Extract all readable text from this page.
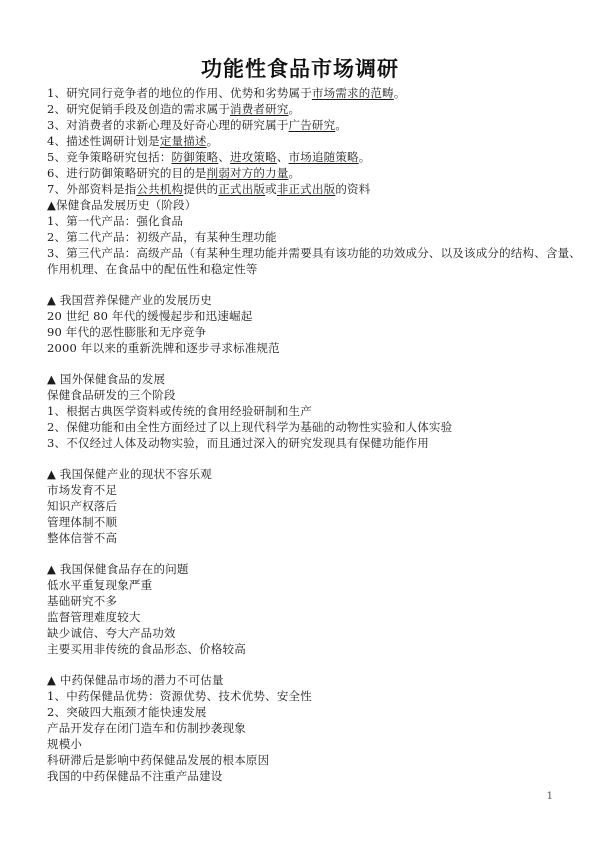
功能性食品市场调研
1、研究同行竞争者的地位的作用、优势和劣势属于市场需求的范畴。
2、研究促销手段及创造的需求属于消费者研究。
3、对消费者的求新心理及好奇心理的研究属于广告研究。
4、描述性调研计划是定量描述。
5、竞争策略研究包括：防御策略、进攻策略、市场追随策略。
6、进行防御策略研究的目的是削弱对方的力量。
7、外部资料是指公共机构提供的正式出版或非正式出版的资料
▲保健食品发展历史（阶段）
1、第一代产品：强化食品
2、第二代产品：初级产品，有某种生理功能
3、第三代产品：高级产品（有某种生理功能并需要具有该功能的功效成分、以及该成分的结构、含量、
作用机理、在食品中的配伍性和稳定性等
▲ 我国营养保健产业的发展历史
20 世纪 80 年代的缓慢起步和迅速崛起
90 年代的恶性膨胀和无序竞争
2000 年以来的重新洗牌和逐步寻求标准规范
▲ 国外保健食品的发展
保健食品研发的三个阶段
1、根据古典医学资料或传统的食用经验研制和生产
2、保健功能和由全性方面经过了以上现代科学为基础的动物性实验和人体实验
3、不仅经过人体及动物实验，而且通过深入的研究发现具有保健功能作用
▲ 我国保健产业的现状不容乐观
市场发育不足
知识产权落后
管理体制不顺
整体信誉不高
▲ 我国保健食品存在的问题
低水平重复现象严重
基础研究不多
监督管理难度较大
缺少诚信、夸大产品功效
主要买用非传统的食品形态、价格较高
▲ 中药保健品市场的潜力不可估量
1、中药保健品优势：资源优势、技术优势、安全性
2、突破四大瓶颈才能快速发展
产品开发存在闭门造车和仿制抄袭现象
规模小
科研滞后是影响中药保健品发展的根本原因
我国的中药保健品不注重产品建设
1
